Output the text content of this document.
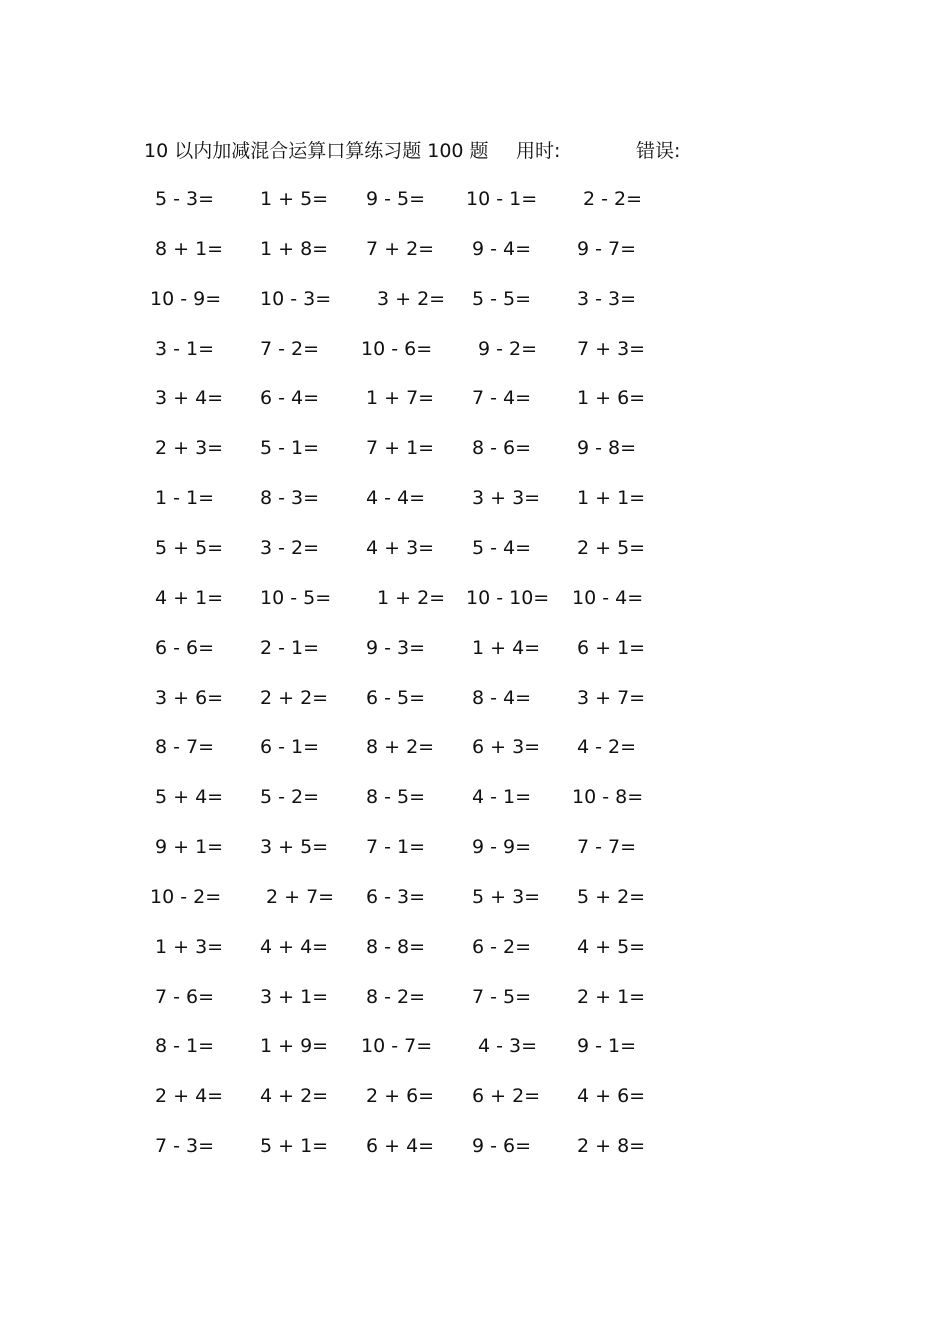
10 以内加减混合运算口算练习题 100 题 用时:	错误:
5 - 3= 1 + 5= 9 - 5= 10 - 1= 2 - 2=
8 + 1= 1 + 8= 7 + 2= 9 - 4= 9 - 7=
10 - 9= 10 - 3= 3 + 2= 5 - 5= 3 - 3=
3 - 1= 7 - 2= 10 - 6= 9 - 2= 7 + 3=
3 + 4= 6 - 4= 1 + 7= 7 - 4= 1 + 6=
2 + 3= 5 - 1= 7 + 1= 8 - 6= 9 - 8=
1 - 1= 8 - 3= 4 - 4= 3 + 3= 1 + 1=
5 + 5= 3 - 2= 4 + 3= 5 - 4= 2 + 5=
4 + 1= 10 - 5= 1 + 2= 10 - 10= 10 - 4=
6 - 6= 2 - 1= 9 - 3= 1 + 4= 6 + 1=
3 + 6= 2 + 2= 6 - 5= 8 - 4= 3 + 7=
8 - 7= 6 - 1= 8 + 2= 6 + 3= 4 - 2=
5 + 4= 5 - 2= 8 - 5= 4 - 1= 10 - 8=
9 + 1= 3 + 5= 7 - 1= 9 - 9= 7 - 7=
10 - 2= 2 + 7= 6 - 3= 5 + 3= 5 + 2=
1 + 3= 4 + 4= 8 - 8= 6 - 2= 4 + 5=
7 - 6= 3 + 1= 8 - 2= 7 - 5= 2 + 1=
8 - 1= 1 + 9= 10 - 7= 4 - 3= 9 - 1=
2 + 4= 4 + 2= 2 + 6= 6 + 2= 4 + 6=
7 - 3= 5 + 1= 6 + 4= 9 - 6= 2 + 8=
